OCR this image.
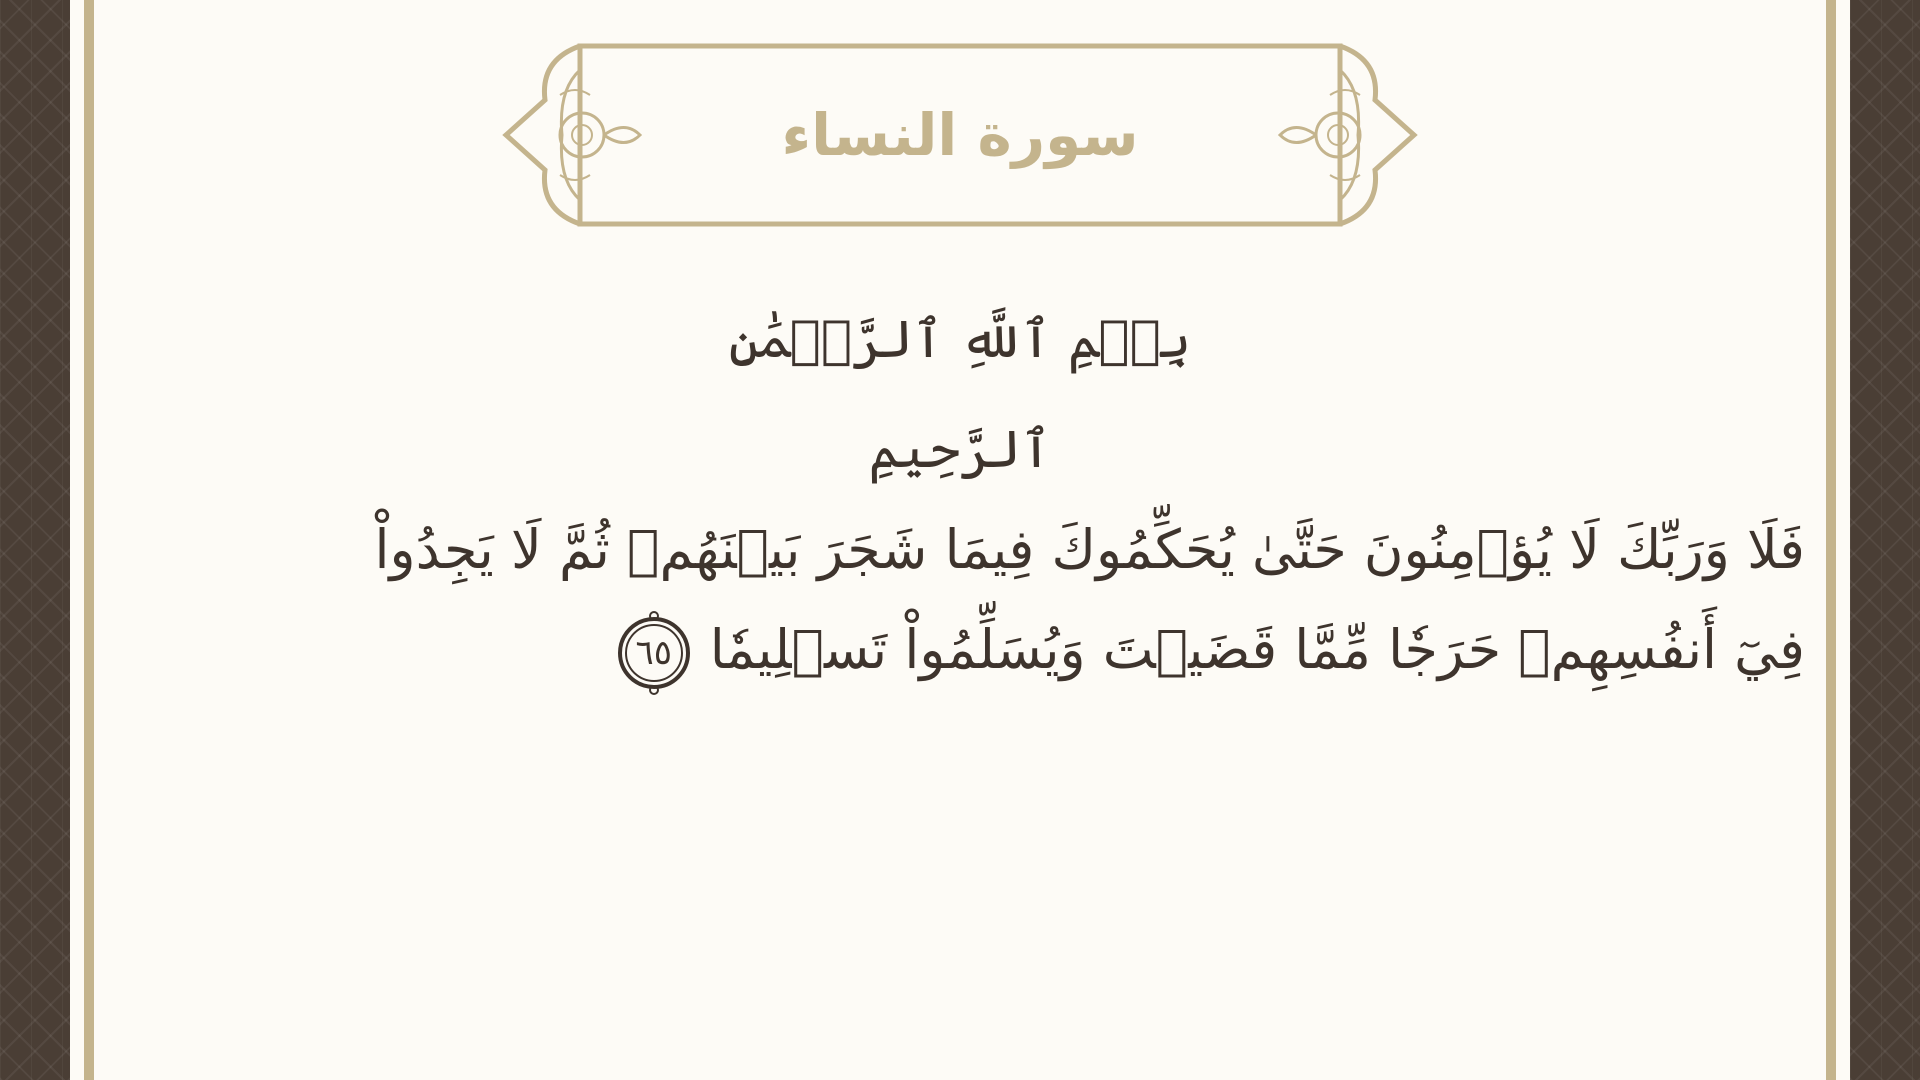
سورة النساء
بِسۡمِ ٱللَّهِ ٱلرَّحۡمَٰنِ ٱلرَّحِيمِ
فَلَا وَرَبِّكَ لَا يُؤۡمِنُونَ حَتَّىٰ يُحَكِّمُوكَ فِيمَا شَجَرَ بَيۡنَهُمۡ ثُمَّ لَا يَجِدُواْ
فِيٓ أَنفُسِهِمۡ حَرَجٗا مِّمَّا قَضَيۡتَ وَيُسَلِّمُواْ تَسۡلِيمٗا
٦٥
